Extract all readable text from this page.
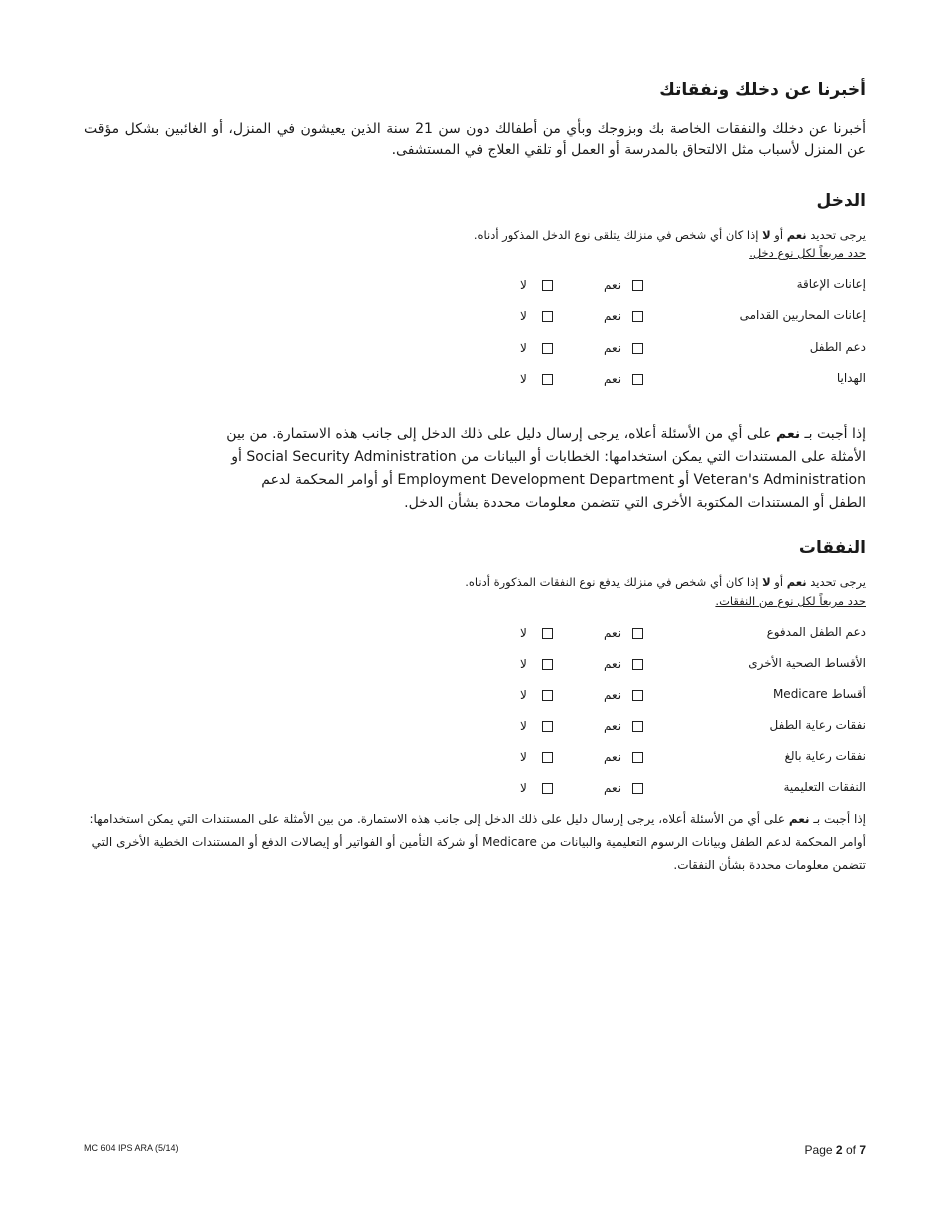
أخبرنا عن دخلك ونفقاتك
أخبرنا عن دخلك والنفقات الخاصة بك وبزوجك وبأي من أطفالك دون سن 21 سنة الذين يعيشون في المنزل، أو الغائبين بشكل مؤقت عن المنزل لأسباب مثل الالتحاق بالمدرسة أو العمل أو تلقي العلاج في المستشفى.
الدخل
يرجى تحديد نعم أو لا إذا كان أي شخص في منزلك يتلقى نوع الدخل المذكور أدناه.
حدد مربعاً لكل نوع دخل.
إعانات الإعاقة
نعم
لا
إعانات المحاربين القدامى
نعم
لا
دعم الطفل
نعم
لا
الهدايا
نعم
لا
إذا أجبت بـ نعم على أي من الأسئلة أعلاه، يرجى إرسال دليل على ذلك الدخل إلى جانب هذه الاستمارة. من بين
الأمثلة على المستندات التي يمكن استخدامها: الخطابات أو البيانات من Social Security Administration أو
Veteran's Administration أو Employment Development Department أو أوامر المحكمة لدعم
الطفل أو المستندات المكتوبة الأخرى التي تتضمن معلومات محددة بشأن الدخل.
النفقات
يرجى تحديد نعم أو لا إذا كان أي شخص في منزلك يدفع نوع النفقات المذكورة أدناه.
حدد مربعاً لكل نوع من النفقات.
دعم الطفل المدفوع
نعم
لا
الأقساط الصحية الأخرى
نعم
لا
أقساط Medicare
نعم
لا
نفقات رعاية الطفل
نعم
لا
نفقات رعاية بالغ
نعم
لا
النفقات التعليمية
نعم
لا
إذا أجبت بـ نعم على أي من الأسئلة أعلاه، يرجى إرسال دليل على ذلك الدخل إلى جانب هذه الاستمارة. من بين الأمثلة على المستندات التي يمكن استخدامها:
أوامر المحكمة لدعم الطفل وبيانات الرسوم التعليمية والبيانات من Medicare أو شركة التأمين أو الفواتير أو إيصالات الدفع أو المستندات الخطية الأخرى التي
تتضمن معلومات محددة بشأن النفقات.
MC 604 IPS ARA (5/14)	Page 2 of 7
